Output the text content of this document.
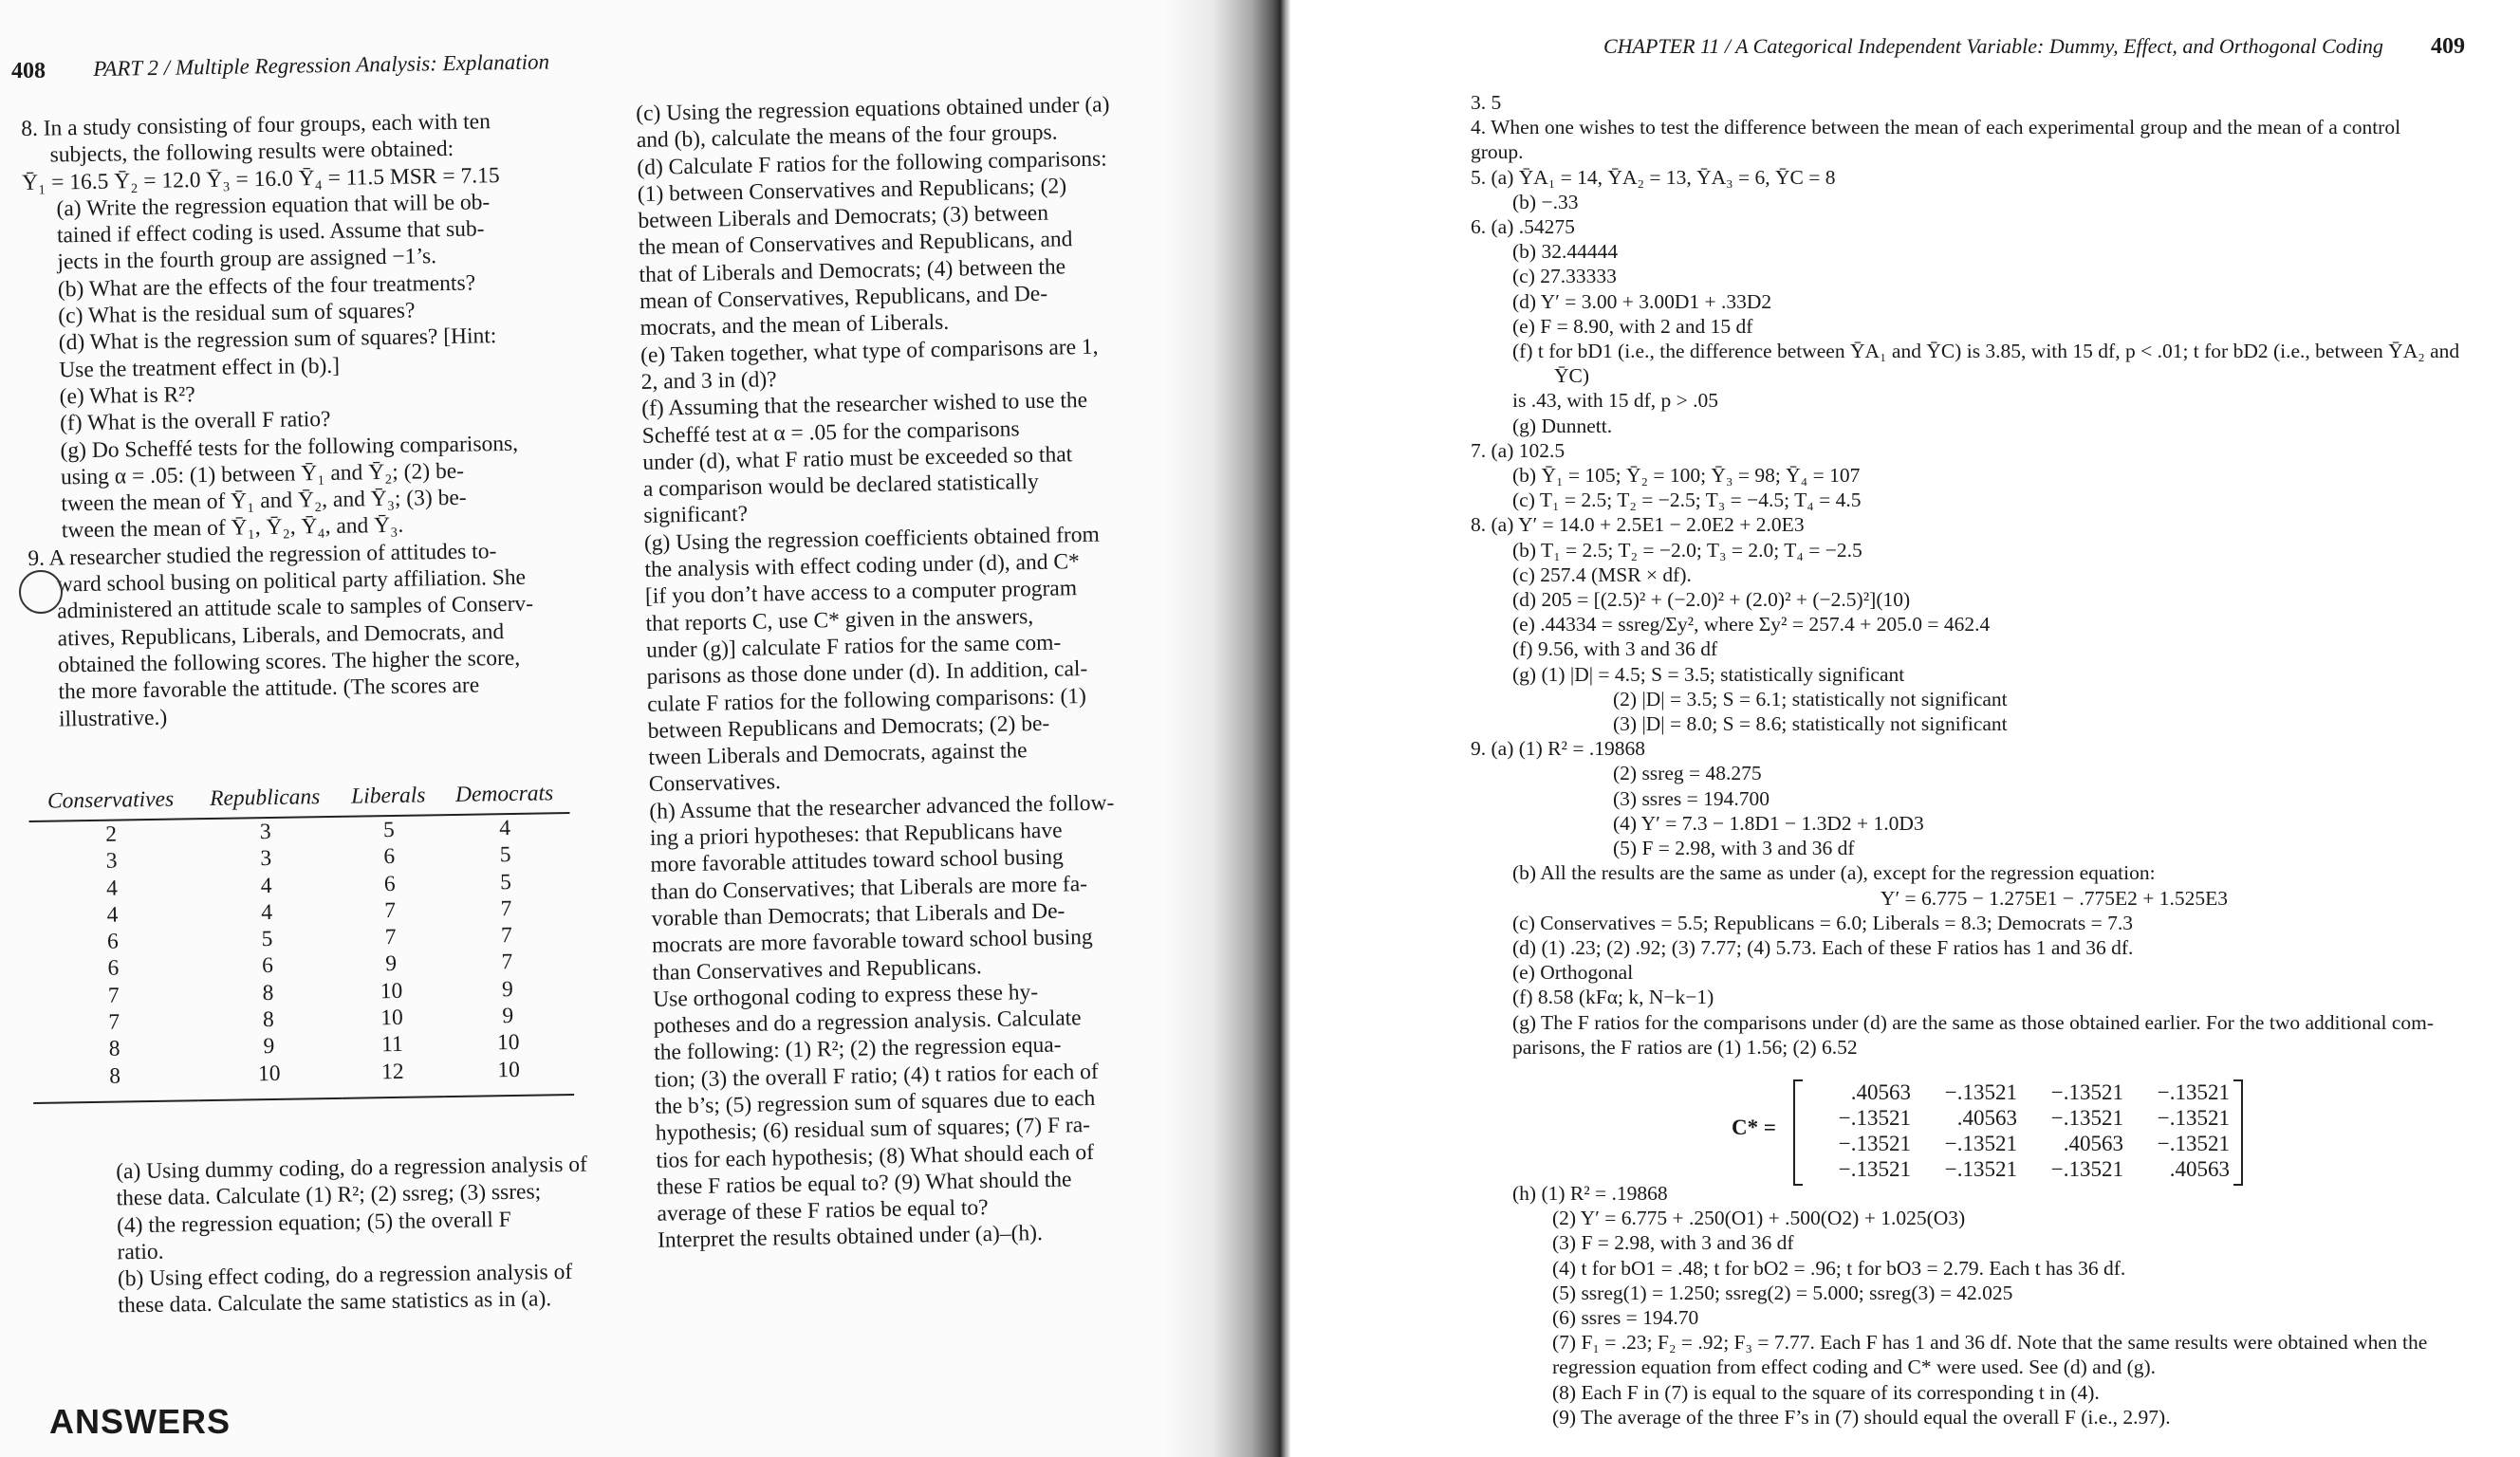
408 PART 2 / Multiple Regression Analysis: Explanation

8. In a study consisting of four groups, each with ten

subjects, the following results were obtained:

Ȳ₁ = 16.5 Ȳ₂ = 12.0 Ȳ₃ = 16.0 Ȳ₄ = 11.5 MSR = 7.15

(a) Write the regression equation that will be ob-

tained if effect coding is used. Assume that sub-

jects in the fourth group are assigned −1’s.

(b) What are the effects of the four treatments?

(c) What is the residual sum of squares?

(d) What is the regression sum of squares? [Hint:

Use the treatment effect in (b).]

(e) What is R²?

(f) What is the overall F ratio?

(g) Do Scheffé tests for the following comparisons,

using α = .05: (1) between Ȳ₁ and Ȳ₂; (2) be-

tween the mean of Ȳ₁ and Ȳ₂, and Ȳ₃; (3) be-

tween the mean of Ȳ₁, Ȳ₂, Ȳ₄, and Ȳ₃.

9. A researcher studied the regression of attitudes to-

ward school busing on political party affiliation. She

administered an attitude scale to samples of Conserv-

atives, Republicans, Liberals, and Democrats, and

obtained the following scores. The higher the score,

the more favorable the attitude. (The scores are

illustrative.)

Conservatives	Republicans	Liberals	Democrats
2	3	5	4
3	3	6	5
4	4	6	5
4	4	7	7
6	5	7	7
6	6	9	7
7	8	10	9
7	8	10	9
8	9	11	10
8	10	12	10

(a) Using dummy coding, do a regression analysis of

these data. Calculate (1) R²; (2) ssreg; (3) ssres;

(4) the regression equation; (5) the overall F

ratio.

(b) Using effect coding, do a regression analysis of

these data. Calculate the same statistics as in (a).

ANSWERS

(c) Using the regression equations obtained under (a)

and (b), calculate the means of the four groups.

(d) Calculate F ratios for the following comparisons:

(1) between Conservatives and Republicans; (2)

between Liberals and Democrats; (3) between

the mean of Conservatives and Republicans, and

that of Liberals and Democrats; (4) between the

mean of Conservatives, Republicans, and De-

mocrats, and the mean of Liberals.

(e) Taken together, what type of comparisons are 1,

2, and 3 in (d)?

(f) Assuming that the researcher wished to use the

Scheffé test at α = .05 for the comparisons

under (d), what F ratio must be exceeded so that

a comparison would be declared statistically

significant?

(g) Using the regression coefficients obtained from

the analysis with effect coding under (d), and C*

[if you don’t have access to a computer program

that reports C, use C* given in the answers,

under (g)] calculate F ratios for the same com-

parisons as those done under (d). In addition, cal-

culate F ratios for the following comparisons: (1)

between Republicans and Democrats; (2) be-

tween Liberals and Democrats, against the

Conservatives.

(h) Assume that the researcher advanced the follow-

ing a priori hypotheses: that Republicans have

more favorable attitudes toward school busing

than do Conservatives; that Liberals are more fa-

vorable than Democrats; that Liberals and De-

mocrats are more favorable toward school busing

than Conservatives and Republicans.

Use orthogonal coding to express these hy-

potheses and do a regression analysis. Calculate

the following: (1) R²; (2) the regression equa-

tion; (3) the overall F ratio; (4) t ratios for each of

the b’s; (5) regression sum of squares due to each

hypothesis; (6) residual sum of squares; (7) F ra-

tios for each hypothesis; (8) What should each of

these F ratios be equal to? (9) What should the

average of these F ratios be equal to?

Interpret the results obtained under (a)–(h).

CHAPTER 11 / A Categorical Independent Variable: Dummy, Effect, and Orthogonal Coding 409

3. 5

4. When one wishes to test the difference between the mean of each experimental group and the mean of a control

group.

5. (a) ȲA₁ = 14, ȲA₂ = 13, ȲA₃ = 6, ȲC = 8

(b) −.33

6. (a) .54275

(b) 32.44444

(c) 27.33333

(d) Y′ = 3.00 + 3.00D1 + .33D2

(e) F = 8.90, with 2 and 15 df

(f) t for bD1 (i.e., the difference between ȲA₁ and ȲC) is 3.85, with 15 df, p < .01; t for bD2 (i.e., between ȲA₂ and ȲC)

is .43, with 15 df, p > .05

(g) Dunnett.

7. (a) 102.5

(b) Ȳ₁ = 105; Ȳ₂ = 100; Ȳ₃ = 98; Ȳ₄ = 107

(c) T₁ = 2.5; T₂ = −2.5; T₃ = −4.5; T₄ = 4.5

8. (a) Y′ = 14.0 + 2.5E1 − 2.0E2 + 2.0E3

(b) T₁ = 2.5; T₂ = −2.0; T₃ = 2.0; T₄ = −2.5

(c) 257.4 (MSR × df).

(d) 205 = [(2.5)² + (−2.0)² + (2.0)² + (−2.5)²](10)

(e) .44334 = ssreg/Σy², where Σy² = 257.4 + 205.0 = 462.4

(f) 9.56, with 3 and 36 df

(g) (1) |D| = 4.5; S = 3.5; statistically significant

(2) |D| = 3.5; S = 6.1; statistically not significant

(3) |D| = 8.0; S = 8.6; statistically not significant

9. (a) (1) R² = .19868

(2) ssreg = 48.275

(3) ssres = 194.700

(4) Y′ = 7.3 − 1.8D1 − 1.3D2 + 1.0D3

(5) F = 2.98, with 3 and 36 df

(b) All the results are the same as under (a), except for the regression equation:

Y′ = 6.775 − 1.275E1 − .775E2 + 1.525E3

(c) Conservatives = 5.5; Republicans = 6.0; Liberals = 8.3; Democrats = 7.3

(d) (1) .23; (2) .92; (3) 7.77; (4) 5.73. Each of these F ratios has 1 and 36 df.

(e) Orthogonal

(f) 8.58 (kFα; k, N−k−1)

(g) The F ratios for the comparisons under (d) are the same as those obtained earlier. For the two additional com-

parisons, the F ratios are (1) 1.56; (2) 6.52

C* =
.40563	−.13521	−.13521	−.13521
−.13521	.40563	−.13521	−.13521
−.13521	−.13521	.40563	−.13521
−.13521	−.13521	−.13521	.40563

(h) (1) R² = .19868

(2) Y′ = 6.775 + .250(O1) + .500(O2) + 1.025(O3)

(3) F = 2.98, with 3 and 36 df

(4) t for bO1 = .48; t for bO2 = .96; t for bO3 = 2.79. Each t has 36 df.

(5) ssreg(1) = 1.250; ssreg(2) = 5.000; ssreg(3) = 42.025

(6) ssres = 194.70

(7) F₁ = .23; F₂ = .92; F₃ = 7.77. Each F has 1 and 36 df. Note that the same results were obtained when the

regression equation from effect coding and C* were used. See (d) and (g).

(8) Each F in (7) is equal to the square of its corresponding t in (4).

(9) The average of the three F’s in (7) should equal the overall F (i.e., 2.97).
